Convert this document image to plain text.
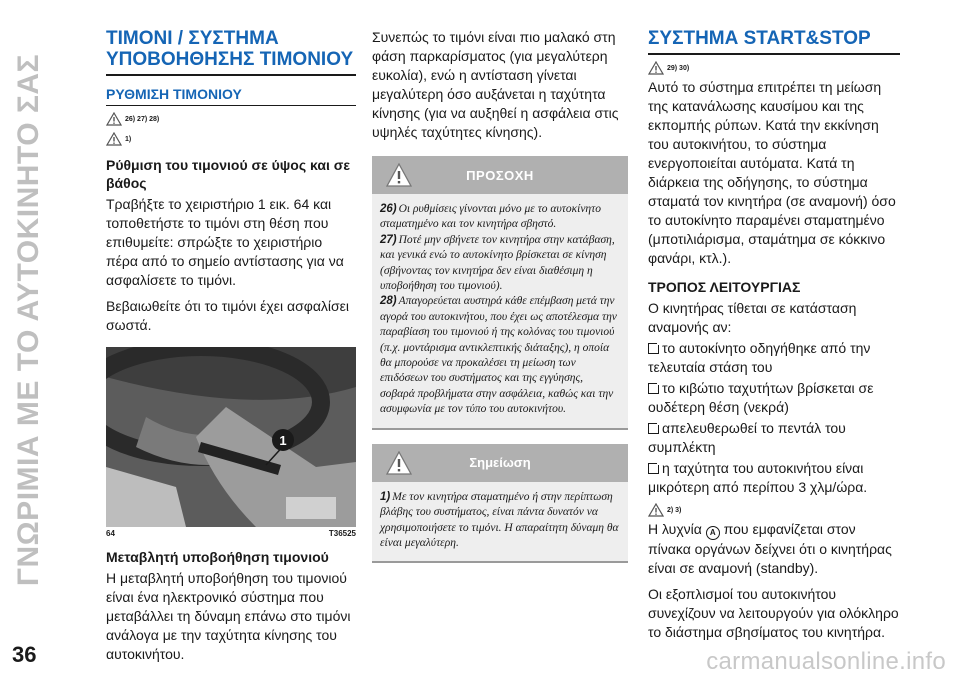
ΓΝΩΡΙΜΙΑ ΜΕ ΤΟ ΑΥΤΟΚΙΝΗΤΟ ΣΑΣ
36	carmanualsonline.info
ΤΙΜΟΝΙ / ΣΥΣΤΗΜΑ ΥΠΟΒΟΗΘΗΣΗΣ ΤΙΜΟΝΙΟΥ
ΡΥΘΜΙΣΗ ΤΙΜΟΝΙΟΥ
26) 27) 28)
1)
Ρύθμιση του τιμονιού σε ύψος και σε βάθος
Τραβήξτε το χειριστήριο 1 εικ. 64 και τοποθετήστε το τιμόνι στη θέση που επιθυμείτε: σπρώξτε το χειριστήριο πέρα από το σημείο αντίστασης για να ασφαλίσετε το τιμόνι.
Βεβαιωθείτε ότι το τιμόνι έχει ασφαλίσει σωστά.
1
64	T36525
Μεταβλητή υποβοήθηση τιμονιού
Η μεταβλητή υποβοήθηση του τιμονιού είναι ένα ηλεκτρονικό σύστημα που μεταβάλλει τη δύναμη επάνω στο τιμόνι ανάλογα με την ταχύτητα κίνησης του αυτοκινήτου.
Συνεπώς το τιμόνι είναι πιο μαλακό στη φάση παρκαρίσματος (για μεγαλύτερη ευκολία), ενώ η αντίσταση γίνεται μεγαλύτερη όσο αυξάνεται η ταχύτητα κίνησης (για να αυξηθεί η ασφάλεια στις υψηλές ταχύτητες κίνησης).
ΠΡΟΣΟΧΗ
26) Οι ρυθμίσεις γίνονται μόνο με το αυτοκίνητο σταματημένο και τον κινητήρα σβηστό.
27) Ποτέ μην σβήνετε τον κινητήρα στην κατάβαση, και γενικά ενώ το αυτοκίνητο βρίσκεται σε κίνηση (σβήνοντας τον κινητήρα δεν είναι διαθέσιμη η υποβοήθηση του τιμονιού).
28) Απαγορεύεται αυστηρά κάθε επέμβαση μετά την αγορά του αυτοκινήτου, που έχει ως αποτέλεσμα την παραβίαση του τιμονιού ή της κολόνας του τιμονιού (π.χ. μοντάρισμα αντικλεπτικής διάταξης), η οποία θα μπορούσε να προκαλέσει τη μείωση των επιδόσεων του συστήματος και της εγγύησης, σοβαρά προβλήματα στην ασφάλεια, καθώς και την ασυμφωνία με τον τύπο του αυτοκινήτου.
Σημείωση
1) Με τον κινητήρα σταματημένο ή στην περίπτωση βλάβης του συστήματος, είναι πάντα δυνατόν να χρησιμοποιήσετε το τιμόνι. Η απαραίτητη δύναμη θα είναι μεγαλύτερη.
ΣΥΣΤΗΜΑ START&STOP
29) 30)
Αυτό το σύστημα επιτρέπει τη μείωση της κατανάλωσης καυσίμου και της εκπομπής ρύπων. Κατά την εκκίνηση του αυτοκινήτου, το σύστημα ενεργοποιείται αυτόματα. Κατά τη διάρκεια της οδήγησης, το σύστημα σταματά τον κινητήρα (σε αναμονή) όσο το αυτοκίνητο παραμένει σταματημένο (μποτιλιάρισμα, σταμάτημα σε κόκκινο φανάρι, κτλ.).
ΤΡΟΠΟΣ ΛΕΙΤΟΥΡΓΙΑΣ
Ο κινητήρας τίθεται σε κατάσταση αναμονής αν:
το αυτοκίνητο οδηγήθηκε από την τελευταία στάση του
το κιβώτιο ταχυτήτων βρίσκεται σε ουδέτερη θέση (νεκρά)
απελευθερωθεί το πεντάλ του συμπλέκτη
η ταχύτητα του αυτοκινήτου είναι μικρότερη από περίπου 3 χλμ/ώρα.
2) 3)
Η λυχνία A που εμφανίζεται στον πίνακα οργάνων δείχνει ότι ο κινητήρας είναι σε αναμονή (standby).
Οι εξοπλισμοί του αυτοκινήτου συνεχίζουν να λειτουργούν για ολόκληρο το διάστημα σβησίματος του κινητήρα.
